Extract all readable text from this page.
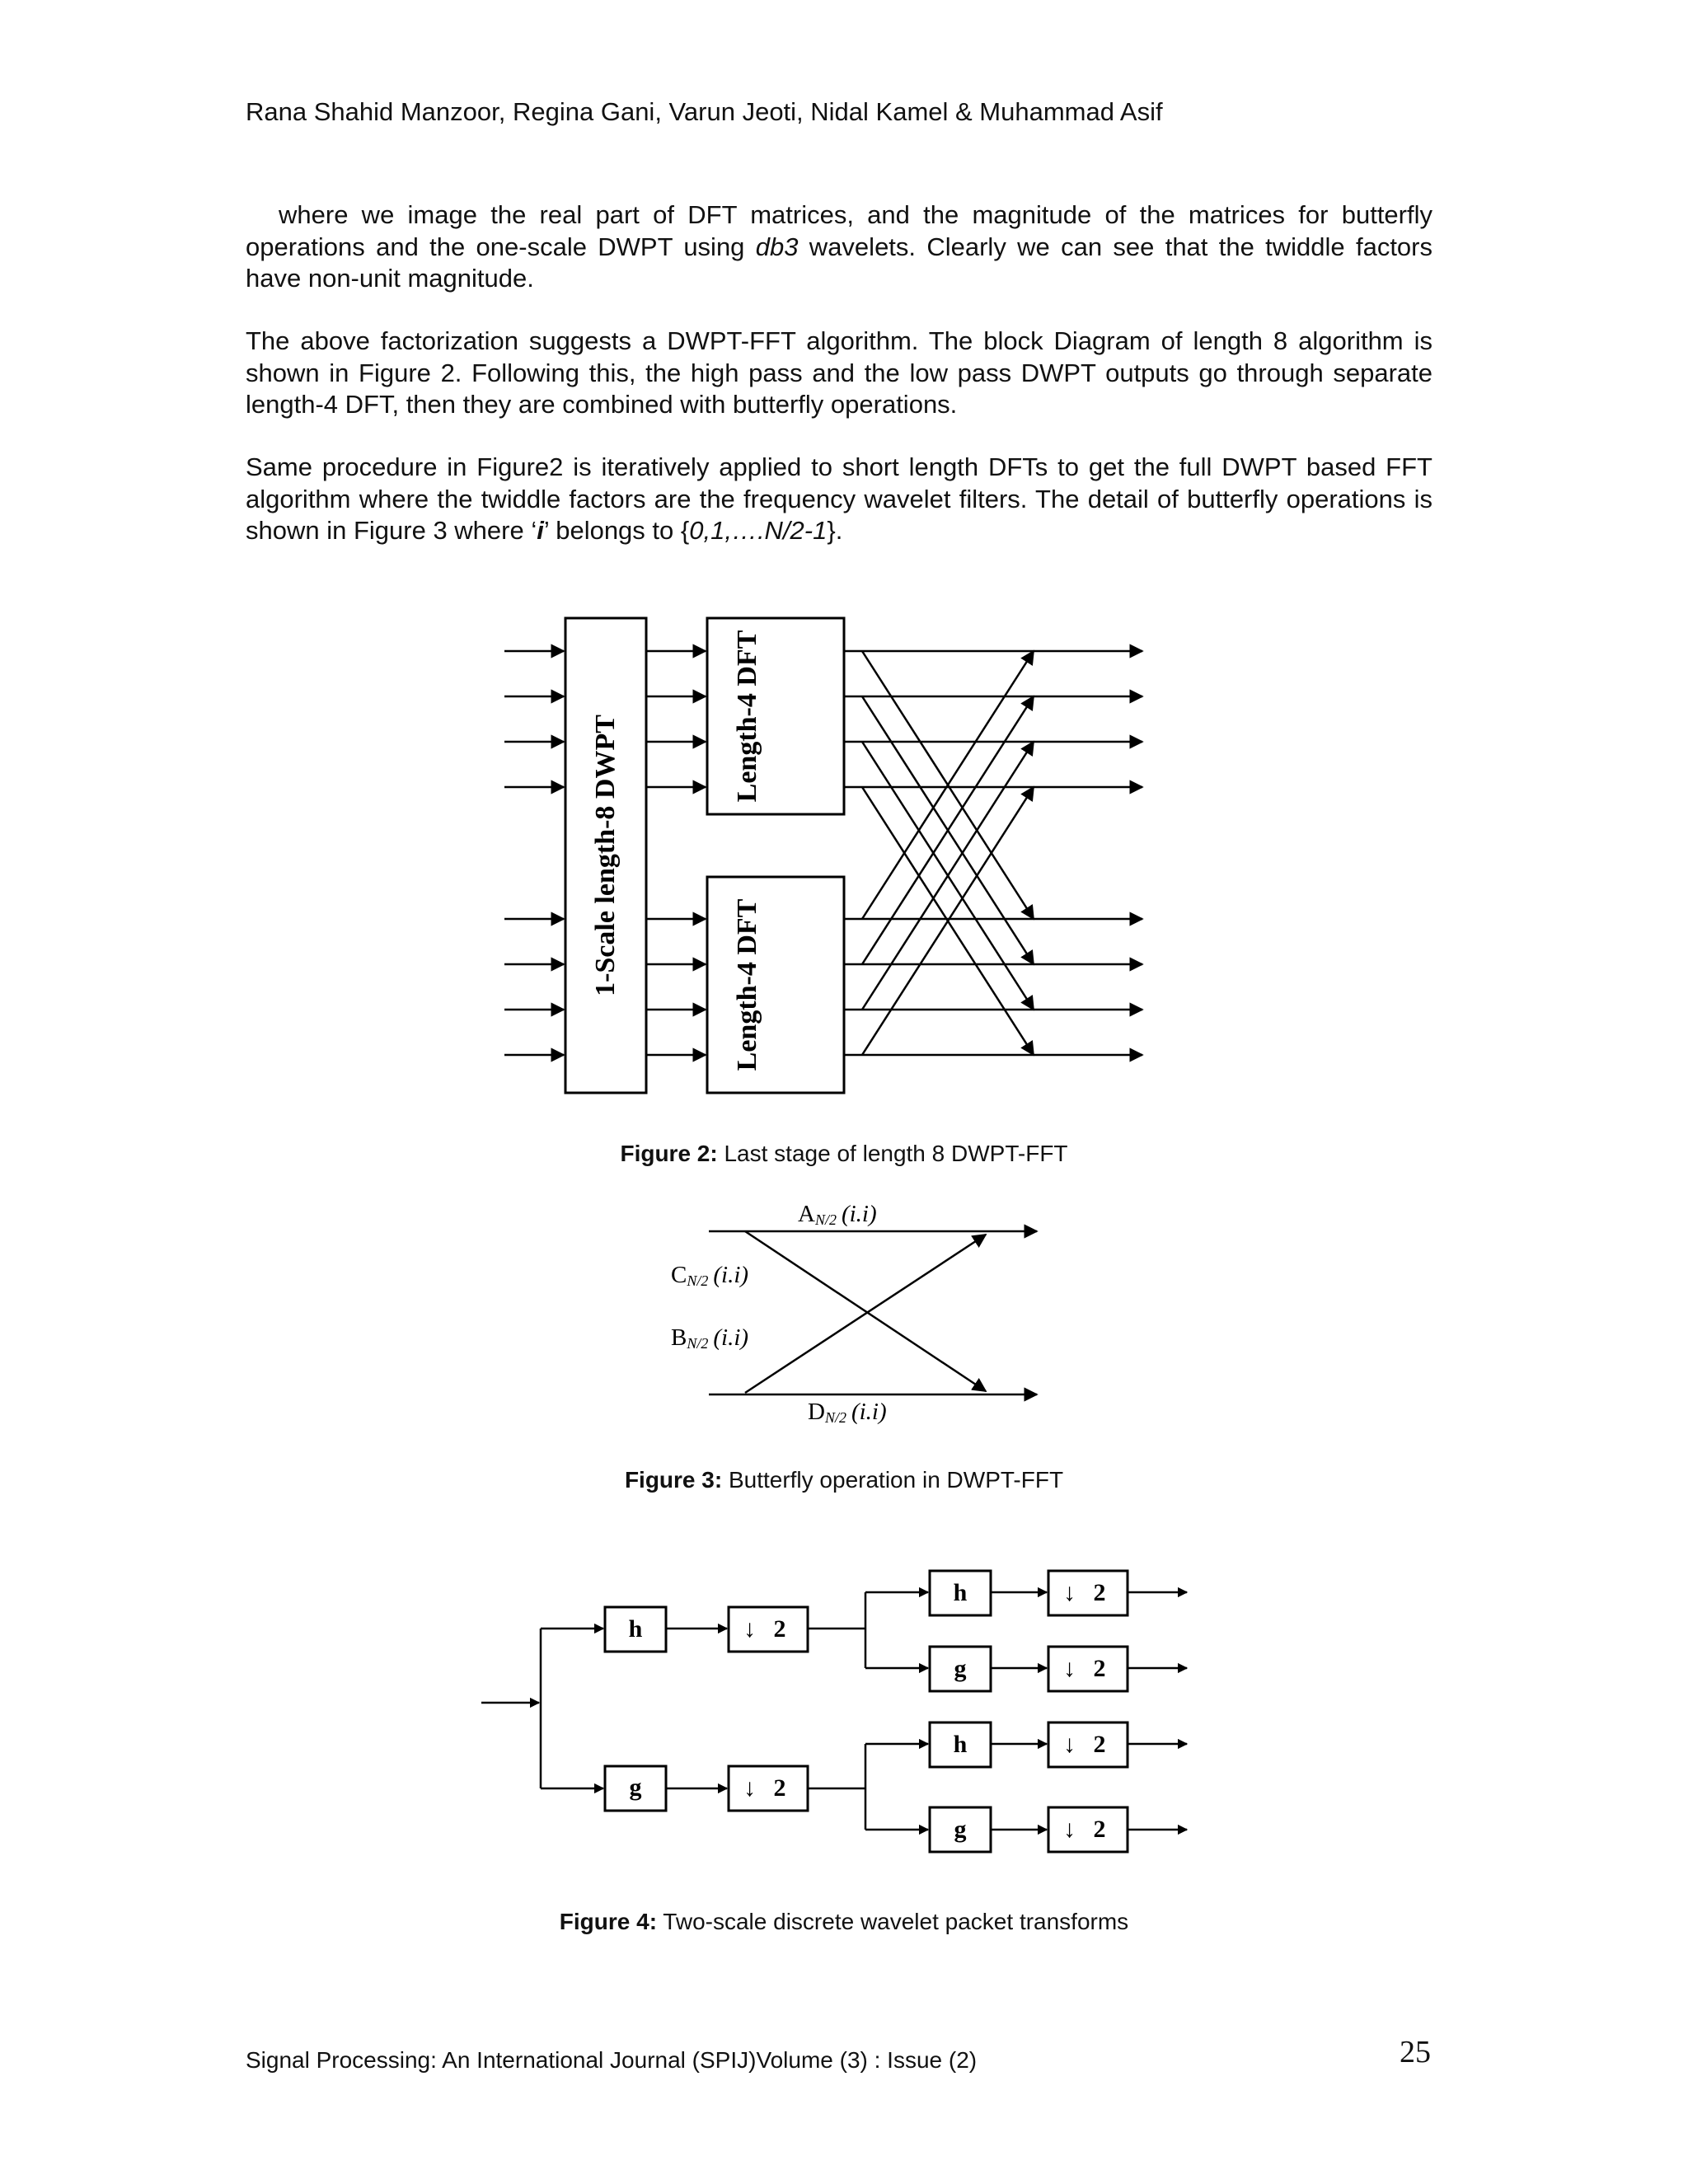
Rana Shahid Manzoor, Regina Gani, Varun Jeoti, Nidal Kamel & Muhammad Asif

where we image the real part of DFT matrices, and the magnitude of the matrices for butterfly operations and the one-scale DWPT using db3 wavelets. Clearly we can see that the twiddle factors have non-unit magnitude.

The above factorization suggests a DWPT-FFT algorithm. The block Diagram of length 8 algorithm is shown in Figure 2. Following this, the high pass and the low pass DWPT outputs go through separate length-4 DFT, then they are combined with butterfly operations.

Same procedure in Figure2 is iteratively applied to short length DFTs to get the full DWPT based FFT algorithm where the twiddle factors are the frequency wavelet filters. The detail of butterfly operations is shown in Figure 3 where ‘i’ belongs to {0,1,….N/2-1}.

1-Scale length-8 DWPT	Length-4 DFT
Length-4 DFT
AN/2 (i.i)
CN/2 (i.i)
BN/2 (i.i)
DN/2 (i.i)
h
g
↓ 2
↓ 2
h
g
h
g
↓ 2
↓ 2
↓ 2
↓ 2
Figure 2: Last stage of length 8 DWPT-FFT
Figure 3: Butterfly operation in DWPT-FFT
Figure 4: Two-scale discrete wavelet packet transforms
Signal Processing: An International Journal (SPIJ)Volume (3) : Issue (2)	25
